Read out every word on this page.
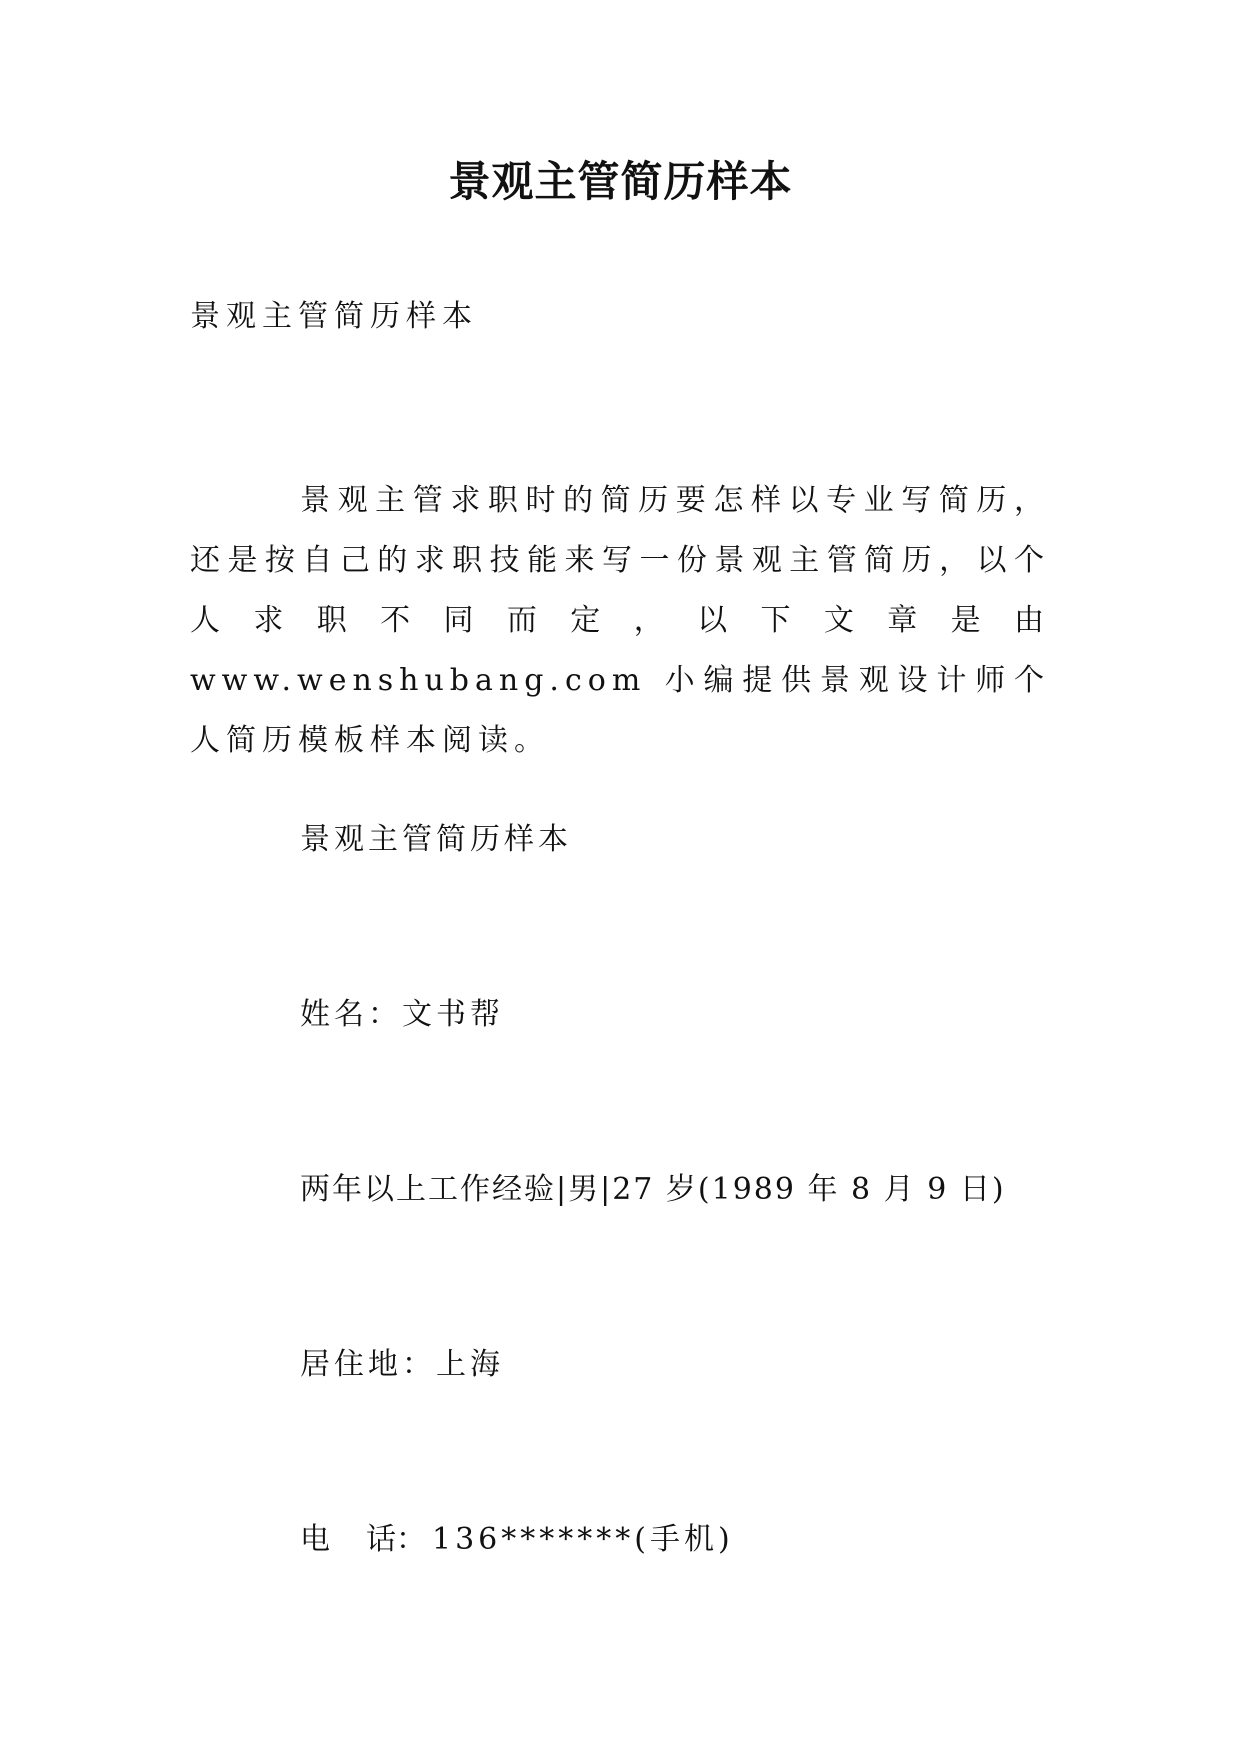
景观主管简历样本
景观主管简历样本
景观主管求职时的简历要怎样以专业写简历，还是按自己的求职技能来写一份景观主管简历，以个人求职不同而定，以下文章是由 www.wenshubang.com 小编提供景观设计师个人简历模板样本阅读。
景观主管简历样本
姓名：文书帮
两年以上工作经验|男|27 岁(1989 年 8 月 9 日)
居住地：上海
电 话： 136*******(手机)
